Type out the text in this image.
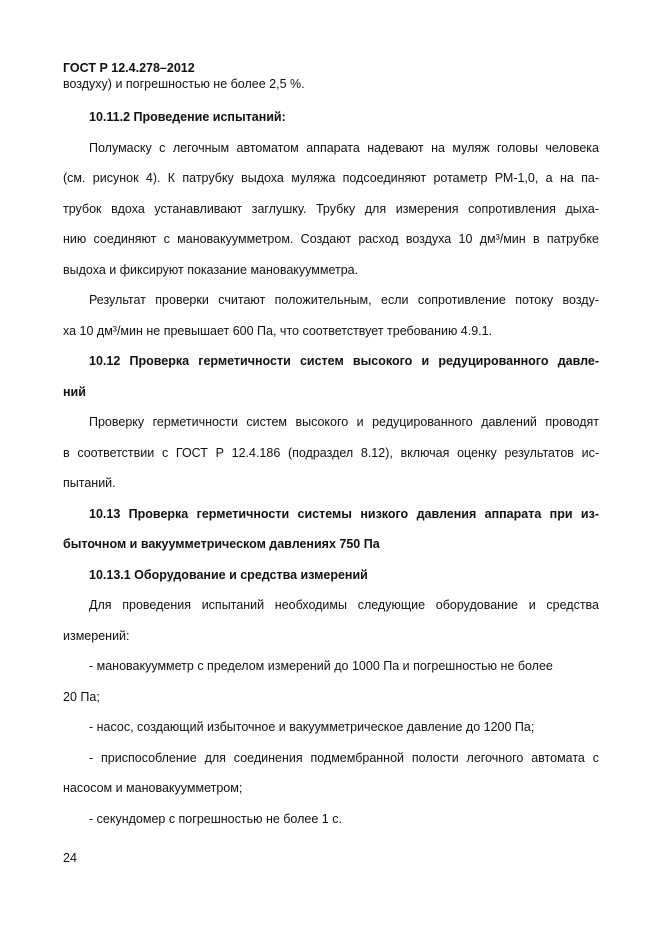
ГОСТ Р 12.4.278–2012
воздуху) и погрешностью не более 2,5 %.
10.11.2 Проведение испытаний:
Полумаску с легочным автоматом аппарата надевают на муляж головы человека
(см. рисунок 4). К патрубку выдоха муляжа подсоединяют ротаметр РМ-1,0, а на па-
трубок вдоха устанавливают заглушку. Трубку для измерения сопротивления дыха-
нию соединяют с мановакуумметром. Создают расход воздуха 10 дм³/мин в патрубке
выдоха и фиксируют показание мановакуумметра.
Результат проверки считают положительным, если сопротивление потоку возду-
ха 10 дм³/мин не превышает 600 Па, что соответствует требованию 4.9.1.
10.12 Проверка герметичности систем высокого и редуцированного давле-
ний
Проверку герметичности систем высокого и редуцированного давлений проводят
в соответствии с ГОСТ Р 12.4.186 (подраздел 8.12), включая оценку результатов ис-
пытаний.
10.13 Проверка герметичности системы низкого давления аппарата при из-
быточном и вакуумметрическом давлениях 750 Па
10.13.1 Оборудование и средства измерений
Для проведения испытаний необходимы следующие оборудование и средства
измерений:
- мановакуумметр с пределом измерений до 1000 Па и погрешностью не более
20 Па;
- насос, создающий избыточное и вакуумметрическое давление до 1200 Па;
- приспособление для соединения подмембранной полости легочного автомата с
насосом и мановакуумметром;
- секундомер с погрешностью не более 1 с.
24
